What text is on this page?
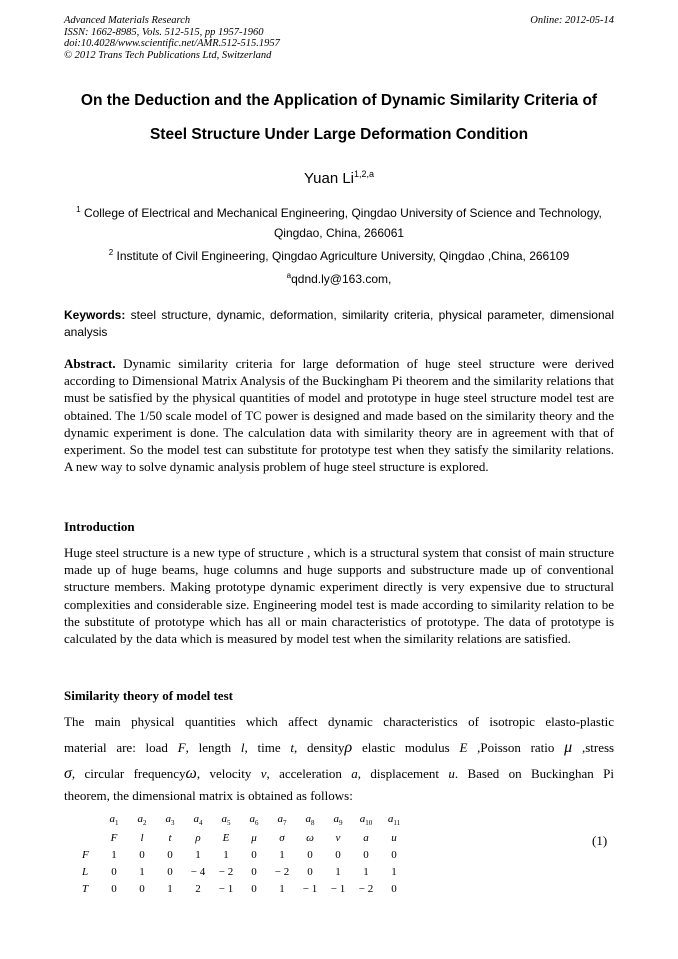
Advanced Materials Research
ISSN: 1662-8985, Vols. 512-515, pp 1957-1960
doi:10.4028/www.scientific.net/AMR.512-515.1957
© 2012 Trans Tech Publications Ltd, Switzerland
Online: 2012-05-14
On the Deduction and the Application of Dynamic Similarity Criteria of
Steel Structure Under Large Deformation Condition
Yuan Li$^{1,2,a}$
$^1$ College of Electrical and Mechanical Engineering, Qingdao University of Science and Technology,
Qingdao, China, 266061
$^2$ Institute of Civil Engineering, Qingdao Agriculture University, Qingdao ,China, 266109
$^a$qdnd.ly@163.com,
Keywords: steel structure, dynamic, deformation, similarity criteria, physical parameter, dimensional analysis
Abstract. Dynamic similarity criteria for large deformation of huge steel structure were derived according to Dimensional Matrix Analysis of the Buckingham Pi theorem and the similarity relations that must be satisfied by the physical quantities of model and prototype in huge steel structure model test are obtained. The 1/50 scale model of TC power is designed and made based on the similarity theory and the dynamic experiment is done. The calculation data with similarity theory are in agreement with that of experiment. So the model test can substitute for prototype test when they satisfy the similarity relations. A new way to solve dynamic analysis problem of huge steel structure is explored.
Introduction
Huge steel structure is a new type of structure , which is a structural system that consist of main structure made up of huge beams, huge columns and huge supports and substructure made up of conventional structure members. Making prototype dynamic experiment directly is very expensive due to structural complexities and considerable size. Engineering model test is made according to similarity relation to be the substitute of prototype which has all or main characteristics of prototype. The data of prototype is calculated by the data which is measured by model test when the similarity relations are satisfied.
Similarity theory of model test
The main physical quantities which affect dynamic characteristics of isotropic elasto-plastic
material are: load F, length l, time t, densityρ elastic modulus E ,Poisson ratio μ ,stress
σ, circular frequencyω, velocity v, acceleration a, displacement u. Based on Buckinghan Pi
theorem, the dimensional matrix is obtained as follows:
	$a_1$	$a_2$	$a_3$	$a_4$	$a_5$	$a_6$	$a_7$	$a_8$	$a_9$	$a_{10}$	$a_{11}$
	F	l	t	ρ	E	μ	σ	ω	v	a	u
F	1	0	0	1	1	0	1	0	0	0	0
L	0	1	0	− 4	− 2	0	− 2	0	1	1	1
T	0	0	1	2	− 1	0	1	− 1	− 1	− 2	0
(1)
